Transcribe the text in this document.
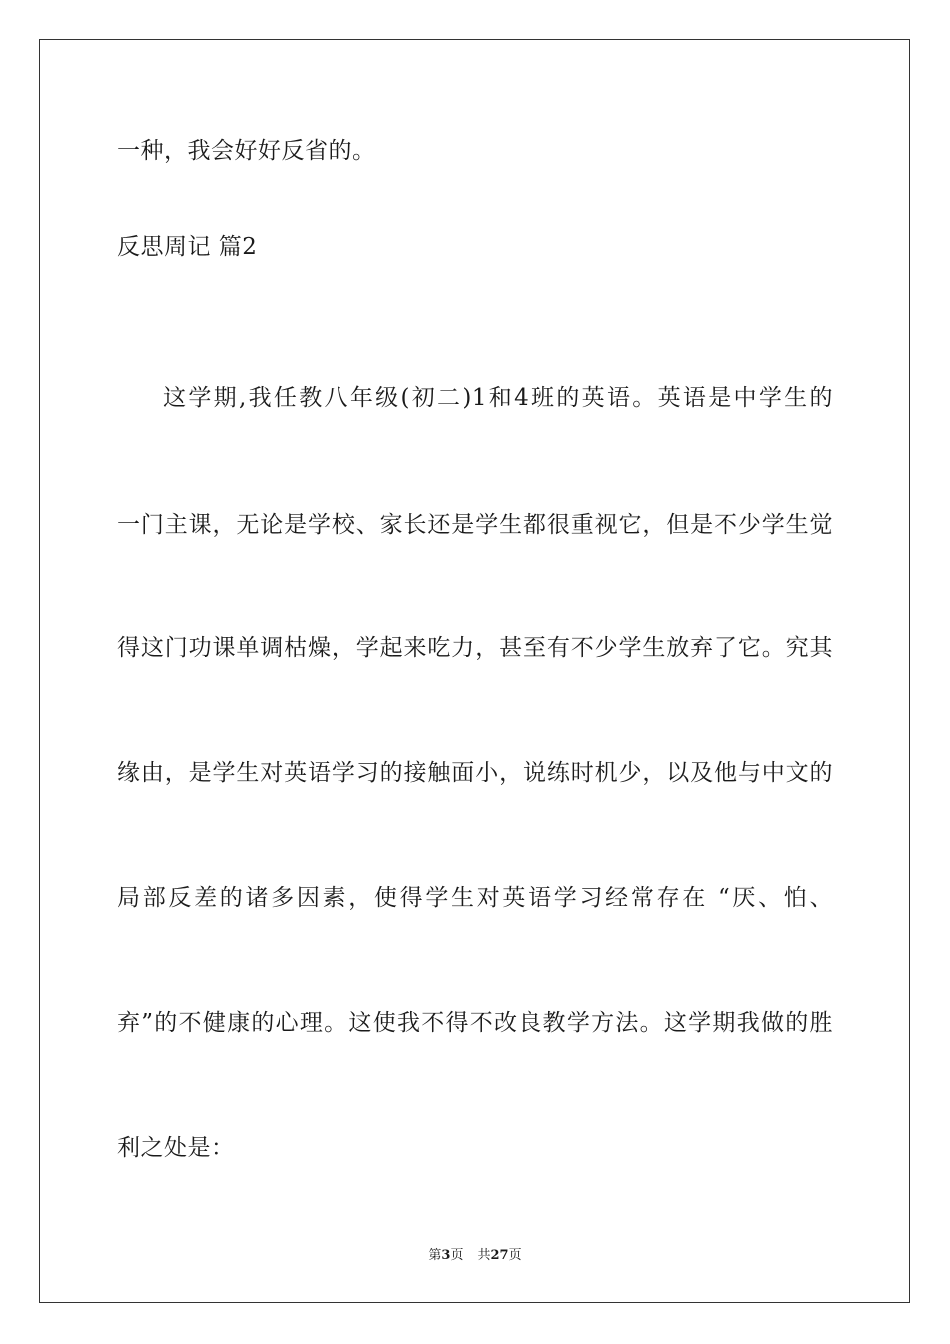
一种，我会好好反省的。
反思周记 篇2
这学期,我任教八年级(初二)1和4班的英语。英语是中学生的
一门主课，无论是学校、家长还是学生都很重视它，但是不少学生觉
得这门功课单调枯燥，学起来吃力，甚至有不少学生放弃了它。究其
缘由，是学生对英语学习的接触面小，说练时机少，以及他与中文的
局部反差的诸多因素，使得学生对英语学习经常存在 “厌、怕、
弃”的不健康的心理。这使我不得不改良教学方法。这学期我做的胜
利之处是：
第3页 共27页
